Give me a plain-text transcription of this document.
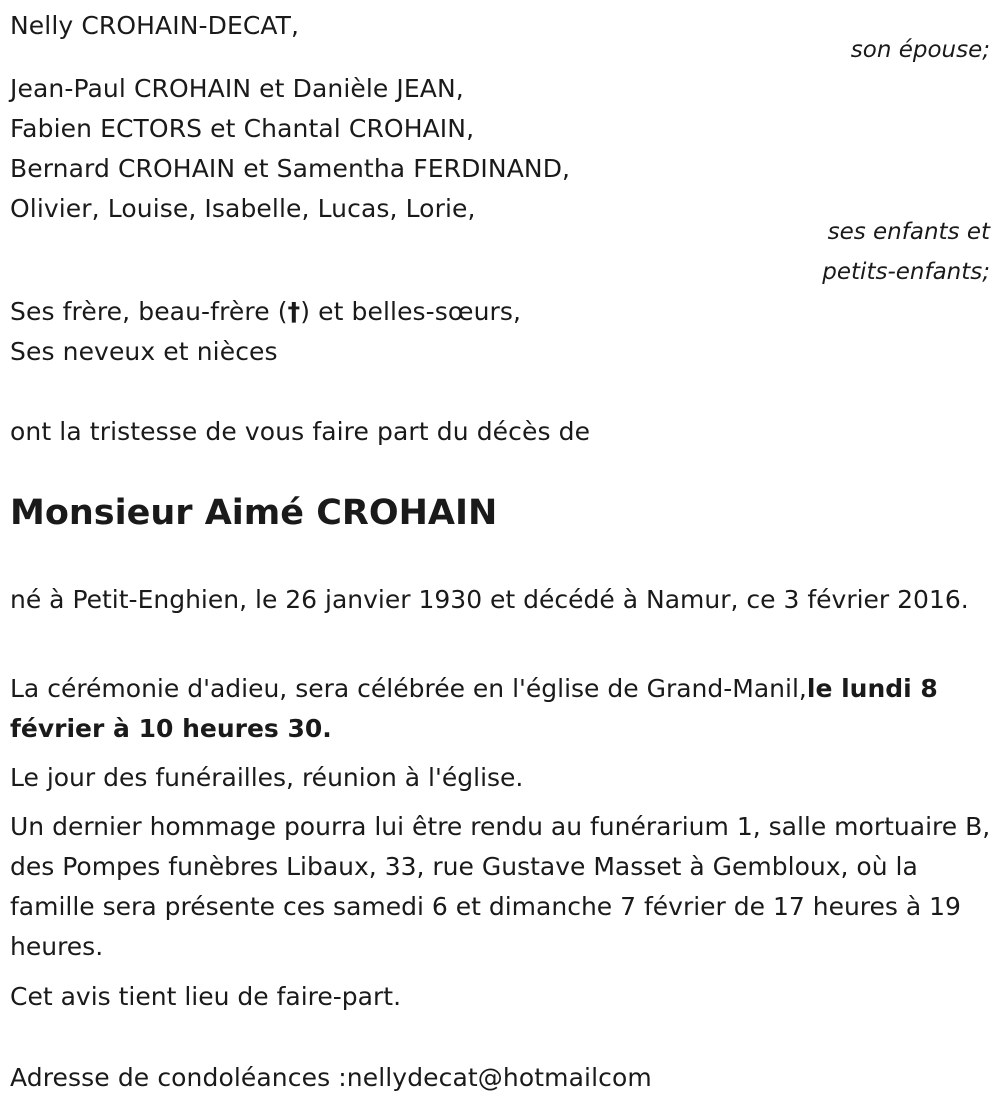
Nelly CROHAIN-DECAT,
son épouse;
Jean-Paul CROHAIN et Danièle JEAN,
Fabien ECTORS et Chantal CROHAIN,
Bernard CROHAIN et Samentha FERDINAND,
Olivier, Louise, Isabelle, Lucas, Lorie,
ses enfants et
petits-enfants;
Ses frère, beau-frère (†) et belles-sœurs,
Ses neveux et nièces
ont la tristesse de vous faire part du décès de
Monsieur Aimé CROHAIN
né à Petit-Enghien, le 26 janvier 1930 et décédé à Namur, ce 3 février 2016.
La cérémonie d'adieu, sera célébrée en l'église de Grand-Manil,le lundi 8 février à 10 heures 30.
Le jour des funérailles, réunion à l'église.
Un dernier hommage pourra lui être rendu au funérarium 1, salle mortuaire B, des Pompes funèbres Libaux, 33, rue Gustave Masset à Gembloux, où la famille sera présente ces samedi 6 et dimanche 7 février de 17 heures à 19 heures.
Cet avis tient lieu de faire-part.
Adresse de condoléances :nellydecat@hotmailcom
